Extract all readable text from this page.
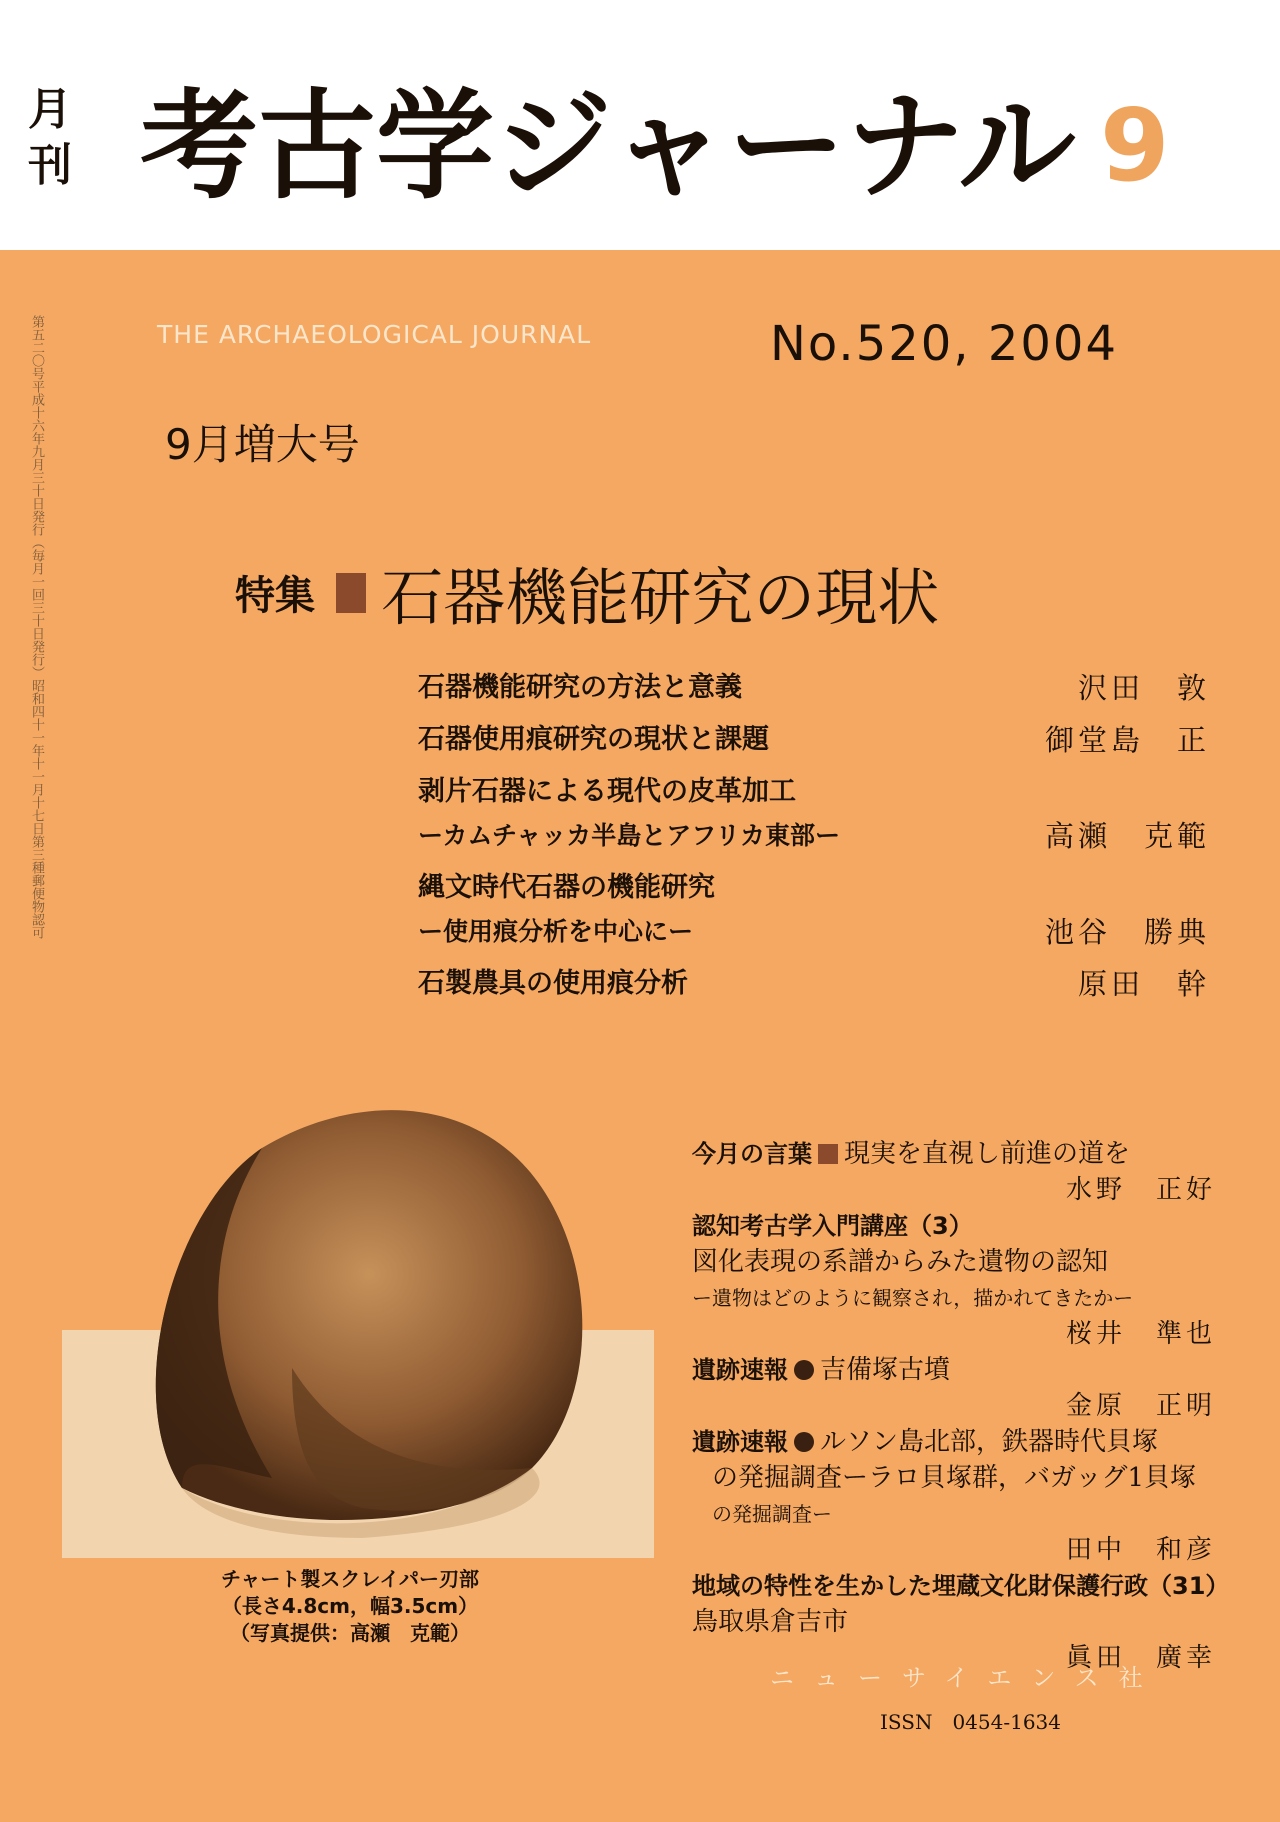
月
刊 考古学ジャーナル 9
第五二〇号平成十六年九月三十日発行（毎月一回三十日発行）
昭和四十一年十一月十七日第三種郵便物認可
THE ARCHAEOLOGICAL JOURNAL	No.520, 2004
9月増大号
特集 石器機能研究の現状
石器機能研究の方法と意義	沢田　敦
石器使用痕研究の現状と課題	御堂島　正
剥片石器による現代の皮革加工
ーカムチャッカ半島とアフリカ東部ー	高瀬　克範
縄文時代石器の機能研究
ー使用痕分析を中心にー	池谷　勝典
石製農具の使用痕分析	原田　幹
チャート製スクレイパー刃部
（長さ4.8cm，幅3.5cm）
（写真提供：高瀬　克範）
今月の言葉 現実を直視し前進の道を
水野　正好
認知考古学入門講座（3）
図化表現の系譜からみた遺物の認知
ー遺物はどのように観察され，描かれてきたかー
桜井　準也
遺跡速報 吉備塚古墳
金原　正明
遺跡速報 ルソン島北部，鉄器時代貝塚
の発掘調査ーラロ貝塚群，バガッグ1貝塚
の発掘調査ー
田中　和彦
地域の特性を生かした埋蔵文化財保護行政（31）
鳥取県倉吉市
眞田　廣幸
ニューサイエンス社
ISSN　0454-1634
